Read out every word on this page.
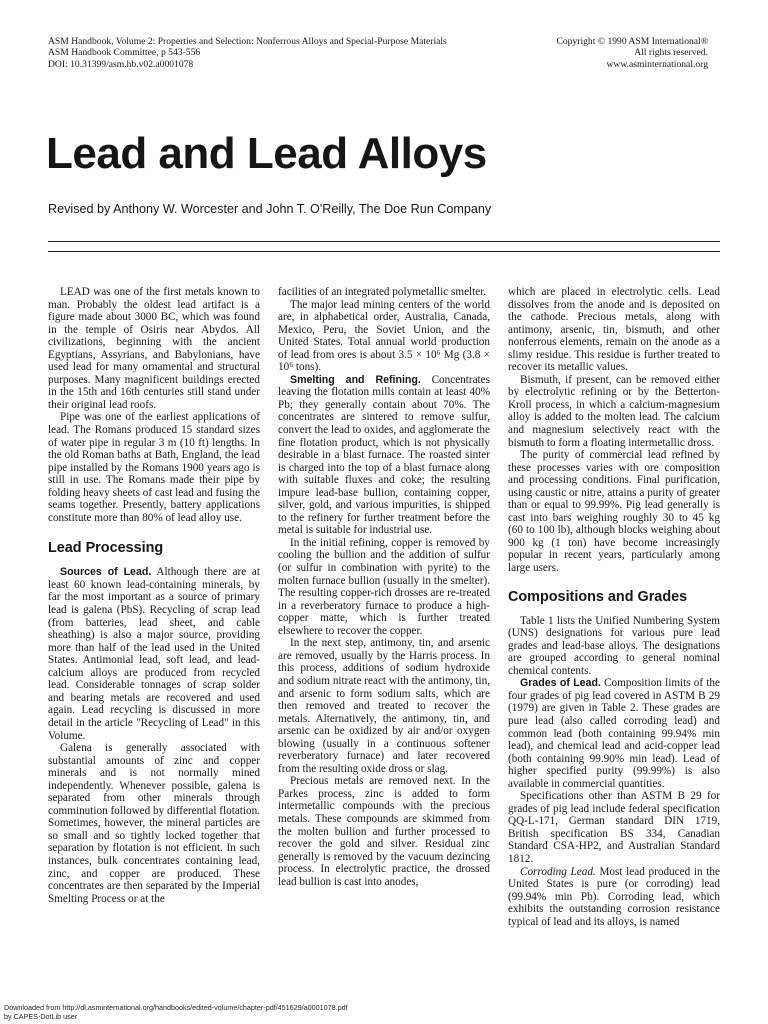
ASM Handbook, Volume 2: Properties and Selection: Nonferrous Alloys and Special-Purpose Materials
ASM Handbook Committee, p 543-556
DOI: 10.31399/asm.hb.v02.a0001078
Copyright © 1990 ASM International®
All rights reserved.
www.asminternational.org
Lead and Lead Alloys

Revised by Anthony W. Worcester and John T. O'Reilly, The Doe Run Company

LEAD was one of the first metals known to man. Probably the oldest lead artifact is a figure made about 3000 BC, which was found in the temple of Osiris near Abydos. All civilizations, beginning with the ancient Egyptians, Assyrians, and Babylonians, have used lead for many ornamental and structural purposes. Many magnificent buildings erected in the 15th and 16th centuries still stand under their original lead roofs.

Pipe was one of the earliest applications of lead. The Romans produced 15 standard sizes of water pipe in regular 3 m (10 ft) lengths. In the old Roman baths at Bath, England, the lead pipe installed by the Romans 1900 years ago is still in use. The Romans made their pipe by folding heavy sheets of cast lead and fusing the seams together. Presently, battery applications constitute more than 80% of lead alloy use.

Lead Processing

Sources of Lead. Although there are at least 60 known lead-containing minerals, by far the most important as a source of primary lead is galena (PbS). Recycling of scrap lead (from batteries, lead sheet, and cable sheathing) is also a major source, providing more than half of the lead used in the United States. Antimonial lead, soft lead, and lead-calcium alloys are produced from recycled lead. Considerable tonnages of scrap solder and bearing metals are recovered and used again. Lead recycling is discussed in more detail in the article "Recycling of Lead" in this Volume.

Galena is generally associated with substantial amounts of zinc and copper minerals and is not normally mined independently. Whenever possible, galena is separated from other minerals through comminution followed by differential flotation. Sometimes, however, the mineral particles are so small and so tightly locked together that separation by flotation is not efficient. In such instances, bulk concentrates containing lead, zinc, and copper are produced. These concentrates are then separated by the Imperial Smelting Process or at the

facilities of an integrated polymetallic smelter.

The major lead mining centers of the world are, in alphabetical order, Australia, Canada, Mexico, Peru, the Soviet Union, and the United States. Total annual world production of lead from ores is about 3.5 × 10⁶ Mg (3.8 × 10⁶ tons).

Smelting and Refining. Concentrates leaving the flotation mills contain at least 40% Pb; they generally contain about 70%. The concentrates are sintered to remove sulfur, convert the lead to oxides, and agglomerate the fine flotation product, which is not physically desirable in a blast furnace. The roasted sinter is charged into the top of a blast furnace along with suitable fluxes and coke; the resulting impure lead-base bullion, containing copper, silver, gold, and various impurities, is shipped to the refinery for further treatment before the metal is suitable for industrial use.

In the initial refining, copper is removed by cooling the bullion and the addition of sulfur (or sulfur in combination with pyrite) to the molten furnace bullion (usually in the smelter). The resulting copper-rich drosses are re-treated in a reverberatory furnace to produce a high-copper matte, which is further treated elsewhere to recover the copper.

In the next step, antimony, tin, and arsenic are removed, usually by the Harris process. In this process, additions of sodium hydroxide and sodium nitrate react with the antimony, tin, and arsenic to form sodium salts, which are then removed and treated to recover the metals. Alternatively, the antimony, tin, and arsenic can be oxidized by air and/or oxygen blowing (usually in a continuous softener reverberatory furnace) and later recovered from the resulting oxide dross or slag.

Precious metals are removed next. In the Parkes process, zinc is added to form intermetallic compounds with the precious metals. These compounds are skimmed from the molten bullion and further processed to recover the gold and silver. Residual zinc generally is removed by the vacuum dezincing process. In electrolytic practice, the drossed lead bullion is cast into anodes,

which are placed in electrolytic cells. Lead dissolves from the anode and is deposited on the cathode. Precious metals, along with antimony, arsenic, tin, bismuth, and other nonferrous elements, remain on the anode as a slimy residue. This residue is further treated to recover its metallic values.

Bismuth, if present, can be removed either by electrolytic refining or by the Betterton-Kroll process, in which a calcium-magnesium alloy is added to the molten lead. The calcium and magnesium selectively react with the bismuth to form a floating intermetallic dross.

The purity of commercial lead refined by these processes varies with ore composition and processing conditions. Final purification, using caustic or nitre, attains a purity of greater than or equal to 99.99%. Pig lead generally is cast into bars weighing roughly 30 to 45 kg (60 to 100 lb), although blocks weighing about 900 kg (1 ton) have become increasingly popular in recent years, particularly among large users.

Compositions and Grades

Table 1 lists the Unified Numbering System (UNS) designations for various pure lead grades and lead-base alloys. The designations are grouped according to general nominal chemical contents.

Grades of Lead. Composition limits of the four grades of pig lead covered in ASTM B 29 (1979) are given in Table 2. These grades are pure lead (also called corroding lead) and common lead (both containing 99.94% min lead), and chemical lead and acid-copper lead (both containing 99.90% min lead). Lead of higher specified purity (99.99%) is also available in commercial quantities.

Specifications other than ASTM B 29 for grades of pig lead include federal specification QQ-L-171, German standard DIN 1719, British specification BS 334, Canadian Standard CSA-HP2, and Australian Standard 1812.

Corroding Lead. Most lead produced in the United States is pure (or corroding) lead (99.94% min Pb). Corroding lead, which exhibits the outstanding corrosion resistance typical of lead and its alloys, is named

Downloaded from http://dl.asminternational.org/handbooks/edited-volume/chapter-pdf/451629/a0001078.pdf
by CAPES-DotLib user
